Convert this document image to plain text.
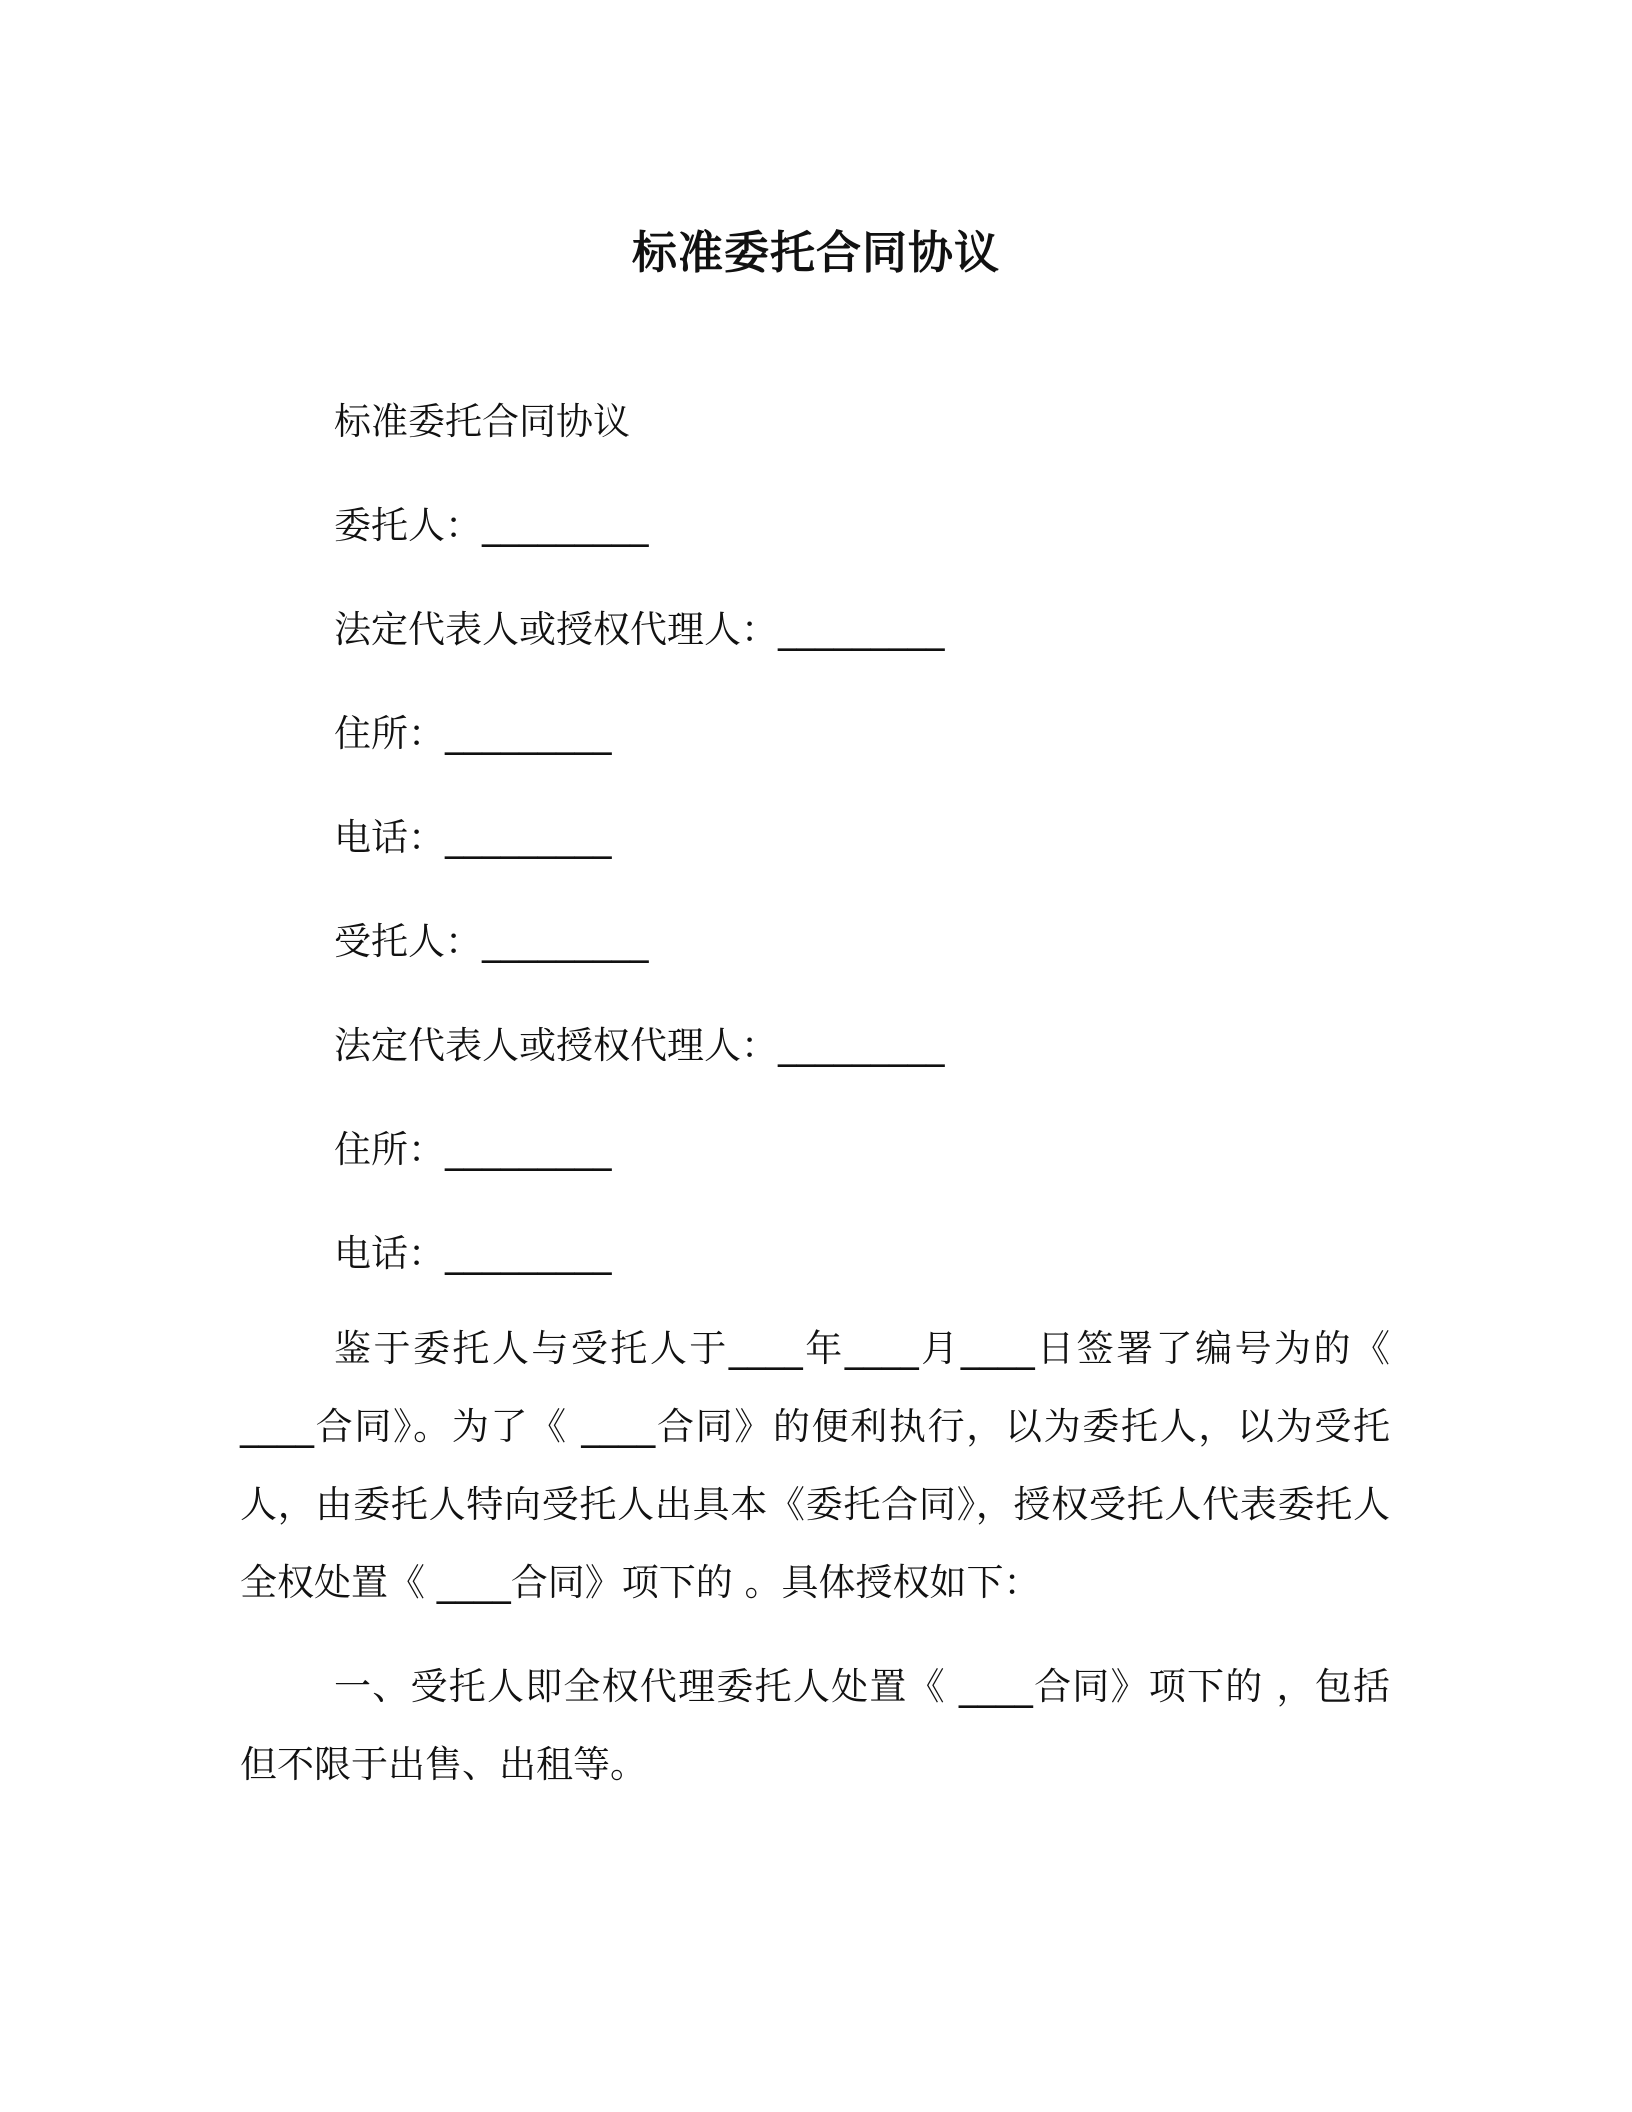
标准委托合同协议
标准委托合同协议
委托人：_________
法定代表人或授权代理人：_________
住所：_________
电话：_________
受托人：_________
法定代表人或授权代理人：_________
住所：_________
电话：_________

鉴于委托人与受托人于____年____月____日签署了编号为的《 ____合同》。为了《 ____合同》的便利执行，以为委托人，以为受托人，由委托人特向受托人出具本《委托合同》，授权受托人代表委托人全权处置《 ____合同》项下的 。具体授权如下：

一、受托人即全权代理委托人处置《 ____合同》项下的 ，包括但不限于出售、出租等。
